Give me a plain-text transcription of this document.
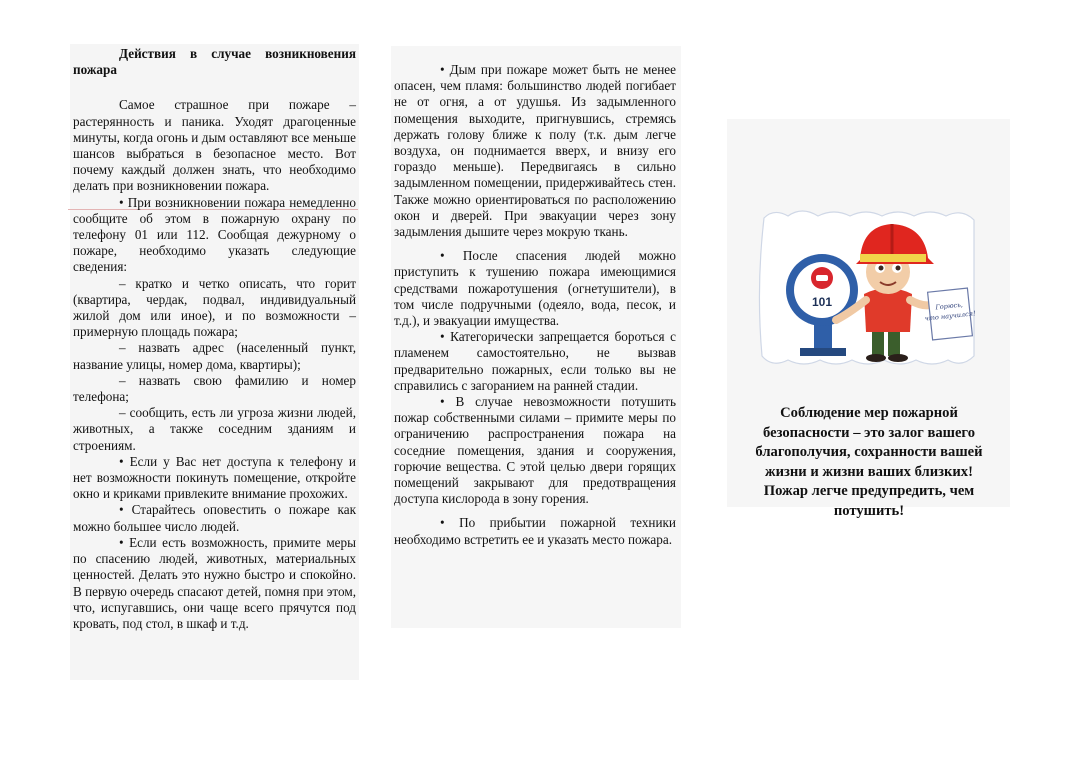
Действия в случае возникновения пожара

Самое страшное при пожаре – растерянность и паника. Уходят драгоценные минуты, когда огонь и дым оставляют все меньше шансов выбраться в безопасное место. Вот почему каждый должен знать, что необходимо делать при возникновении пожара.

• При возникновении пожара немедленно сообщите об этом в пожарную охрану по телефону 01 или 112. Сообщая дежурному о пожаре, необходимо указать следующие сведения:

– кратко и четко описать, что горит (квартира, чердак, подвал, индивидуальный жилой дом или иное), и по возможности – примерную площадь пожара;

– назвать адрес (населенный пункт, название улицы, номер дома, квартиры);

– назвать свою фамилию и номер телефона;

– сообщить, есть ли угроза жизни людей, животных, а также соседним зданиям и строениям.

• Если у Вас нет доступа к телефону и нет возможности покинуть помещение, откройте окно и криками привлеките внимание прохожих.

• Старайтесь оповестить о пожаре как можно большее число людей.

• Если есть возможность, примите меры по спасению людей, животных, материальных ценностей. Делать это нужно быстро и спокойно. В первую очередь спасают детей, помня при этом, что, испугавшись, они чаще всего прячутся под кровать, под стол, в шкаф и т.д.

• Дым при пожаре может быть не менее опасен, чем пламя: большинство людей погибает не от огня, а от удушья. Из задымленного помещения выходите, пригнувшись, стремясь держать голову ближе к полу (т.к. дым легче воздуха, он поднимается вверх, и внизу его гораздо меньше). Передвигаясь в сильно задымленном помещении, придерживайтесь стен. Также можно ориентироваться по расположению окон и дверей. При эвакуации через зону задымления дышите через мокрую ткань.

• После спасения людей можно приступить к тушению пожара имеющимися средствами пожаротушения (огнетушители), в том числе подручными (одеяло, вода, песок, и т.д.), и эвакуации имущества.

• Категорически запрещается бороться с пламенем самостоятельно, не вызвав предварительно пожарных, если только вы не справились с загоранием на ранней стадии.

• В случае невозможности потушить пожар собственными силами – примите меры по ограничению распространения пожара на соседние помещения, здания и сооружения, горючие вещества. С этой целью двери горящих помещений закрывают для предотвращения доступа кислорода в зону горения.

• По прибытии пожарной техники необходимо встретить ее и указать место пожара.

101	Горюсь,
что научился!
Соблюдение мер пожарной безопасности – это залог вашего благополучия, сохранности вашей жизни и жизни ваших близких! Пожар легче предупредить, чем потушить!
